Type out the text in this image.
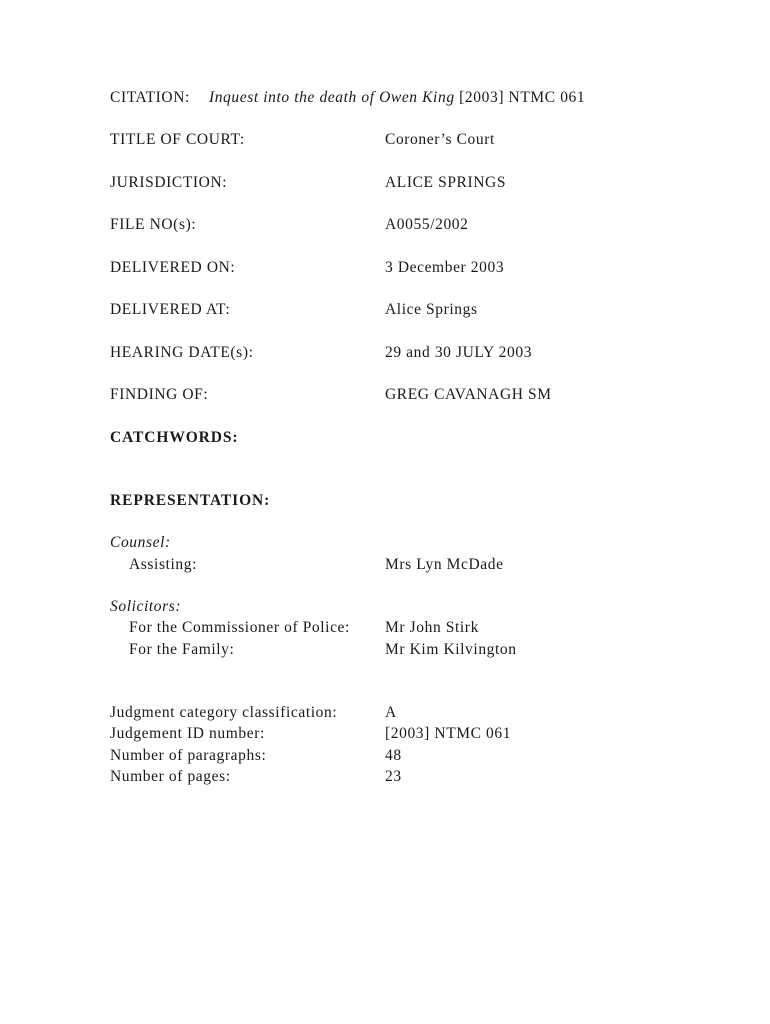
CITATION: Inquest into the death of Owen King [2003] NTMC 061
TITLE OF COURT:	Coroner’s Court
JURISDICTION:	ALICE SPRINGS
FILE NO(s):	A0055/2002
DELIVERED ON:	3 December 2003
DELIVERED AT:	Alice Springs
HEARING DATE(s):	29 and 30 JULY 2003
FINDING OF:	GREG CAVANAGH SM
CATCHWORDS:
REPRESENTATION:
Counsel:
Assisting:	Mrs Lyn McDade
Solicitors:
For the Commissioner of Police: Mr John Stirk
For the Family:	Mr Kim Kilvington
Judgment category classification:	A
Judgement ID number:	[2003] NTMC 061
Number of paragraphs:	48
Number of pages:	23
